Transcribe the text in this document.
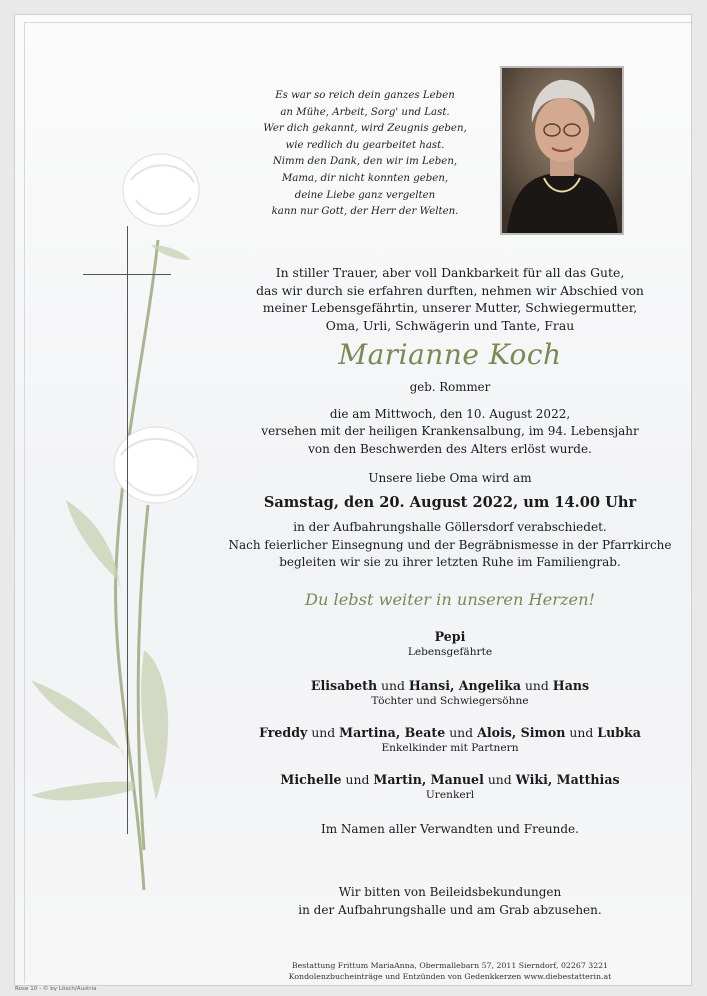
Es war so reich dein ganzes Leben
an Mühe, Arbeit, Sorg' und Last.
Wer dich gekannt, wird Zeugnis geben,
wie redlich du gearbeitet hast.
Nimm den Dank, den wir im Leben,
Mama, dir nicht konnten geben,
deine Liebe ganz vergelten
kann nur Gott, der Herr der Welten.
In stiller Trauer, aber voll Dankbarkeit für all das Gute,
das wir durch sie erfahren durften, nehmen wir Abschied von
meiner Lebensgefährtin, unserer Mutter, Schwiegermutter,
Oma, Urli, Schwägerin und Tante, Frau
Marianne Koch
geb. Rommer
die am Mittwoch, den 10. August 2022,
versehen mit der heiligen Krankensalbung, im 94. Lebensjahr
von den Beschwerden des Alters erlöst wurde.
Unsere liebe Oma wird am
Samstag, den 20. August 2022, um 14.00 Uhr
in der Aufbahrungshalle Göllersdorf verabschiedet.
Nach feierlicher Einsegnung und der Begräbnismesse in der Pfarrkirche
begleiten wir sie zu ihrer letzten Ruhe im Familiengrab.
Du lebst weiter in unseren Herzen!
Pepi
Lebensgefährte
Elisabeth und Hansi, Angelika und Hans
Töchter und Schwiegersöhne
Freddy und Martina, Beate und Alois, Simon und Lubka
Enkelkinder mit Partnern
Michelle und Martin, Manuel und Wiki, Matthias
Urenkerl
Im Namen aller Verwandten und Freunde.
Wir bitten von Beileidsbekundungen
in der Aufbahrungshalle und am Grab abzusehen.
Bestattung Frittum MariaAnna, Obermallebarn 57, 2011 Sierndorf, 02267 3221
Kondolenzbucheinträge und Entzünden von Gedenkkerzen www.diebestatterin.at
Rose 10 - © by Lösch/Austria
